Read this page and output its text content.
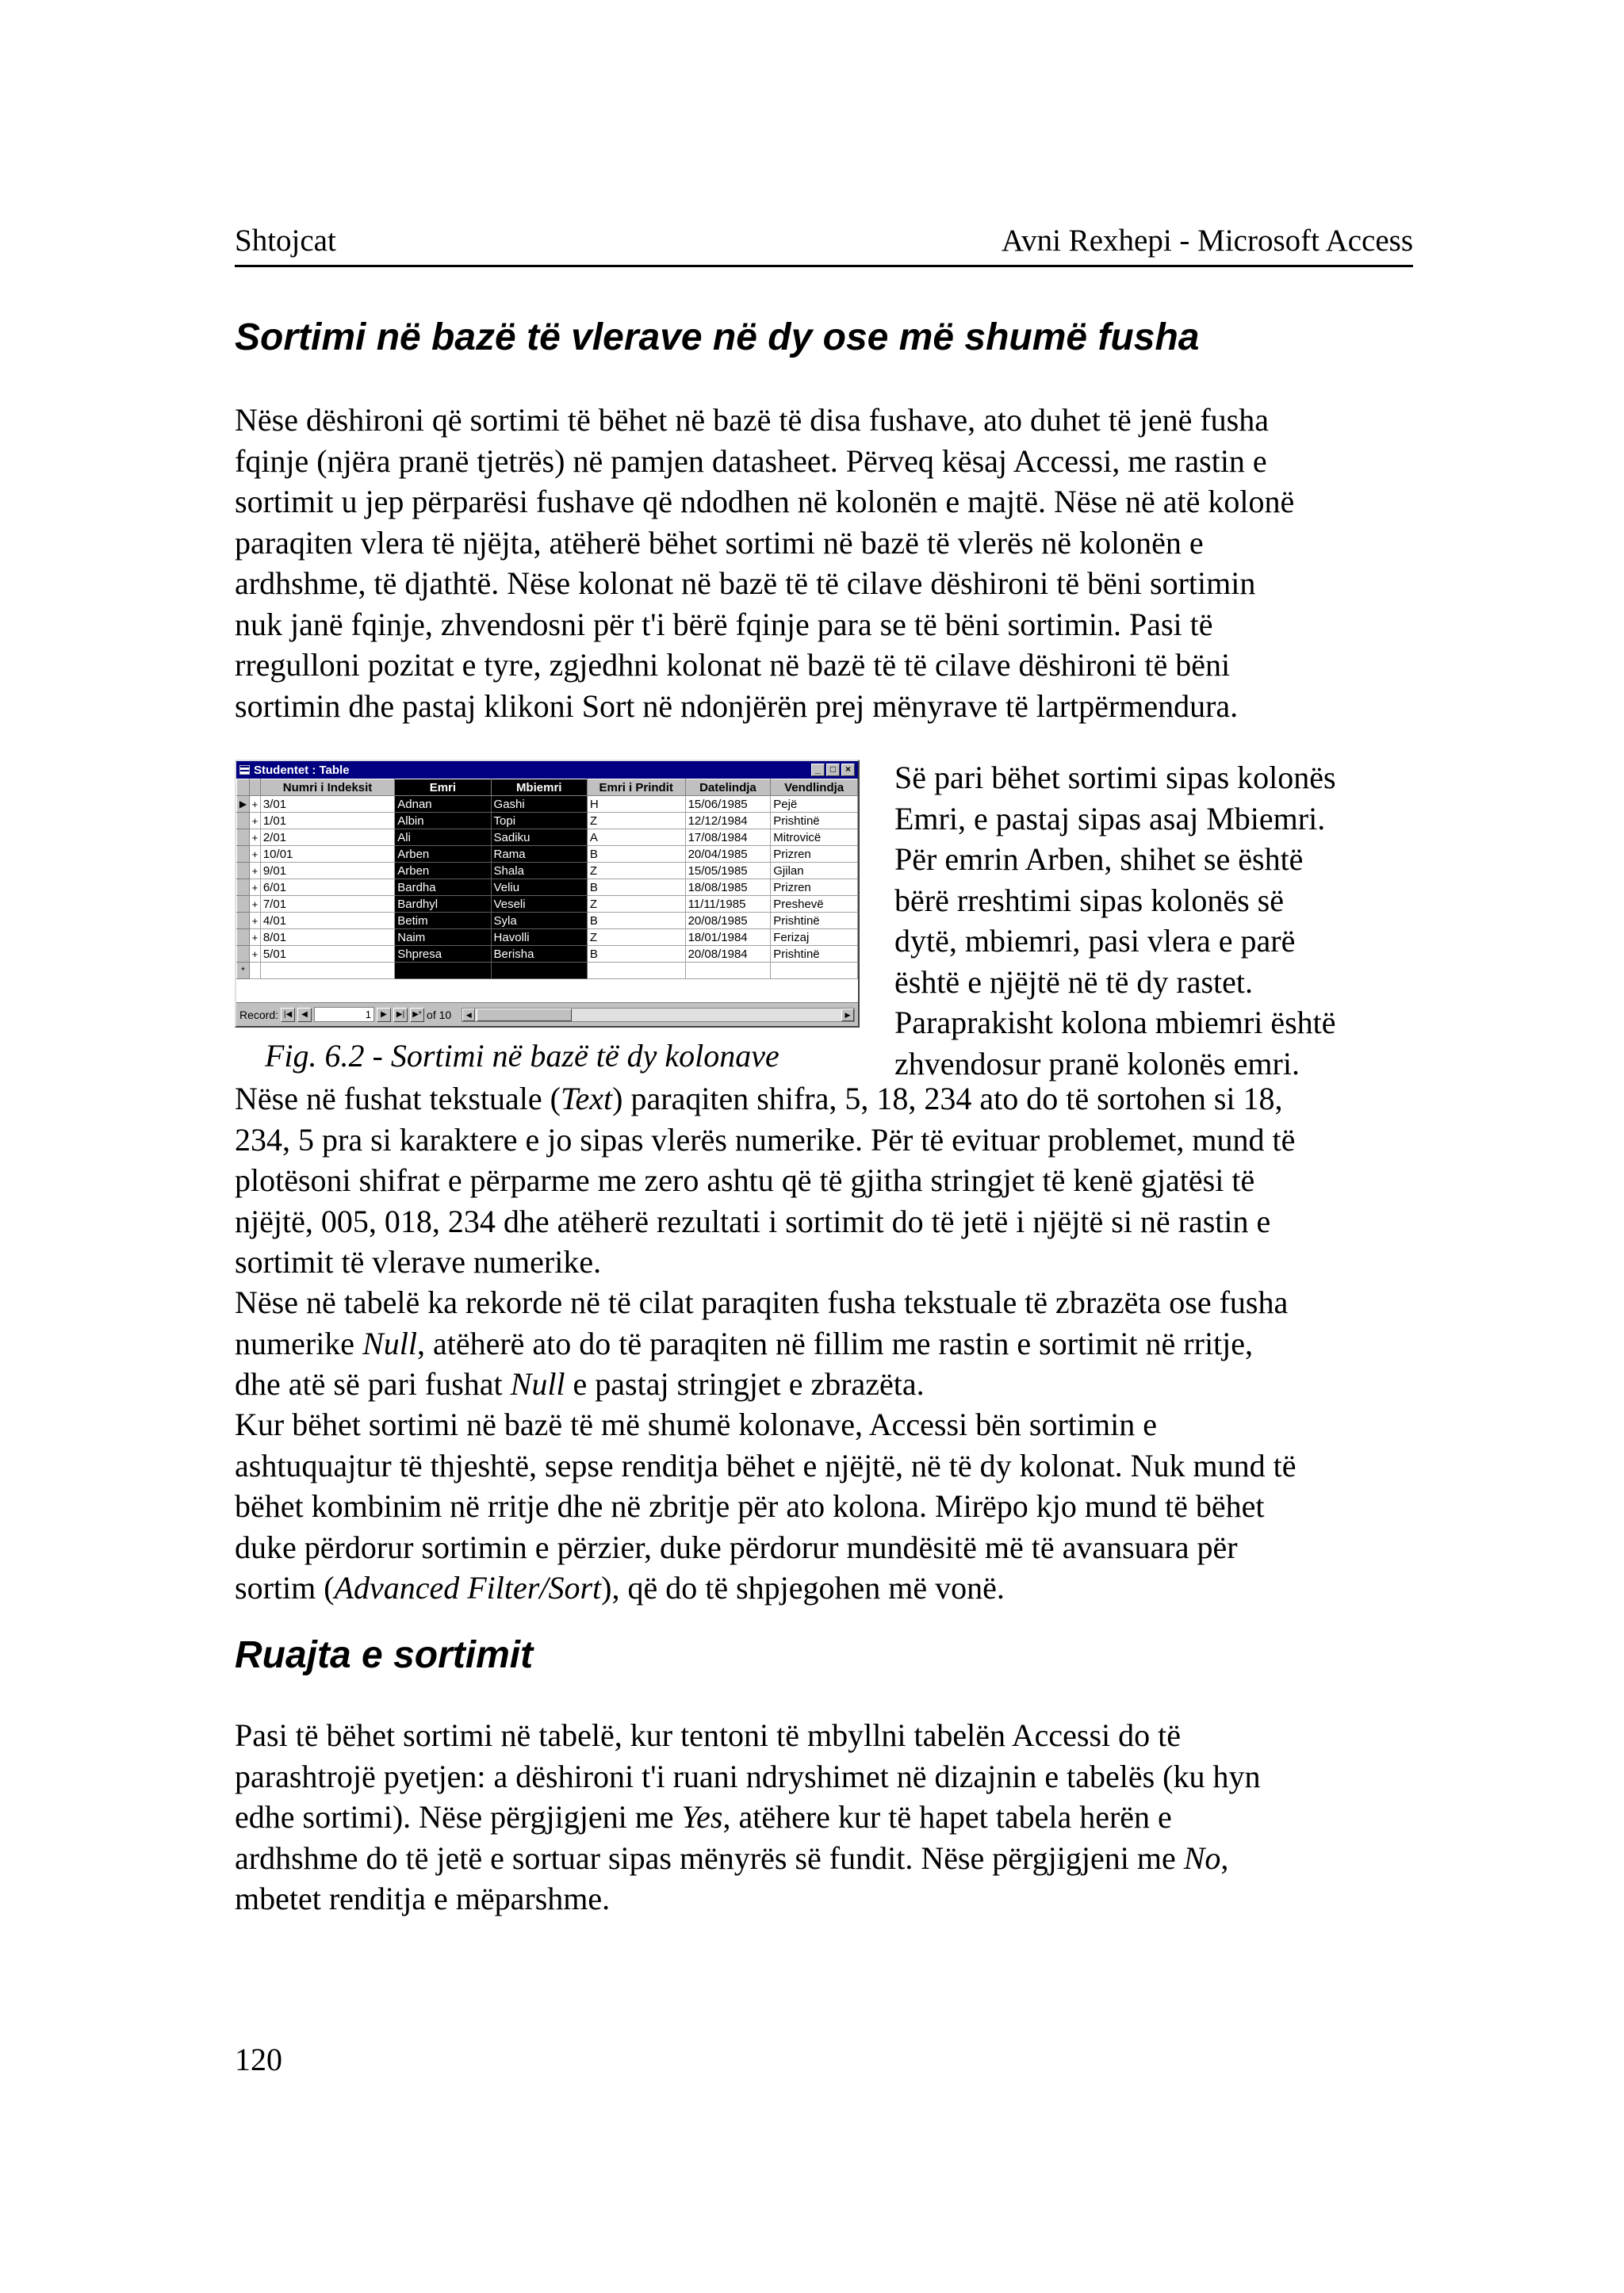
Shtojcat	Avni Rexhepi - Microsoft Access
Sortimi në bazë të vlerave në dy ose më shumë fusha

Nëse dëshironi që sortimi të bëhet në bazë të disa fushave, ato duhet të jenë fusha
fqinje (njëra pranë tjetrës) në pamjen datasheet. Përveq kësaj Accessi, me rastin e
sortimit u jep përparësi fushave që ndodhen në kolonën e majtë. Nëse në atë kolonë
paraqiten vlera të njëjta, atëherë bëhet sortimi në bazë të vlerës në kolonën e
ardhshme, të djathtë. Nëse kolonat në bazë të të cilave dëshironi të bëni sortimin
nuk janë fqinje, zhvendosni për t'i bërë fqinje para se të bëni sortimin. Pasi të
rregulloni pozitat e tyre, zgjedhni kolonat në bazë të të cilave dëshironi të bëni
sortimin dhe pastaj klikoni Sort në ndonjërën prej mënyrave të lartpërmendura.

Studentet : Table	_	□ ×
		Numri i Indeksit	Emri	Mbiemri	Emri i Prindit	Datelindja	Vendlindja
▶	+	3/01	Adnan	Gashi	H	15/06/1985	Pejë
	+	1/01	Albin	Topi	Z	12/12/1984	Prishtinë
	+	2/01	Ali	Sadiku	A	17/08/1984	Mitrovicë
	+	10/01	Arben	Rama	B	20/04/1985	Prizren
	+	9/01	Arben	Shala	Z	15/05/1985	Gjilan
	+	6/01	Bardha	Veliu	B	18/08/1985	Prizren
	+	7/01	Bardhyl	Veseli	Z	11/11/1985	Preshevë
	+	4/01	Betim	Syla	B	20/08/1985	Prishtinë
	+	8/01	Naim	Havolli	Z	18/01/1984	Ferizaj
	+	5/01	Shpresa	Berisha	B	20/08/1984	Prishtinë
*							
Record: |◀	◀	1	▶	▶|	▶* of 10	◀	▶

Së pari bëhet sortimi sipas kolonës
Emri, e pastaj sipas asaj Mbiemri.
Për emrin Arben, shihet se është
bërë rreshtimi sipas kolonës së
dytë, mbiemri, pasi vlera e parë
është e njëjtë në të dy rastet.
Paraprakisht kolona mbiemri është
zhvendosur pranë kolonës emri.

Fig. 6.2 - Sortimi në bazë të dy kolonave

Nëse në fushat tekstuale (Text) paraqiten shifra, 5, 18, 234 ato do të sortohen si 18,
234, 5 pra si karaktere e jo sipas vlerës numerike. Për të evituar problemet, mund të
plotësoni shifrat e përparme me zero ashtu që të gjitha stringjet të kenë gjatësi të
njëjtë, 005, 018, 234 dhe atëherë rezultati i sortimit do të jetë i njëjtë si në rastin e
sortimit të vlerave numerike.

Nëse në tabelë ka rekorde në të cilat paraqiten fusha tekstuale të zbrazëta ose fusha
numerike Null, atëherë ato do të paraqiten në fillim me rastin e sortimit në rritje,
dhe atë së pari fushat Null e pastaj stringjet e zbrazëta.

Kur bëhet sortimi në bazë të më shumë kolonave, Accessi bën sortimin e
ashtuquajtur të thjeshtë, sepse renditja bëhet e njëjtë, në të dy kolonat. Nuk mund të
bëhet kombinim në rritje dhe në zbritje për ato kolona. Mirëpo kjo mund të bëhet
duke përdorur sortimin e përzier, duke përdorur mundësitë më të avansuara për
sortim (Advanced Filter/Sort), që do të shpjegohen më vonë.

Ruajta e sortimit

Pasi të bëhet sortimi në tabelë, kur tentoni të mbyllni tabelën Accessi do të
parashtrojë pyetjen: a dëshironi t'i ruani ndryshimet në dizajnin e tabelës (ku hyn
edhe sortimi). Nëse përgjigjeni me Yes, atëhere kur të hapet tabela herën e
ardhshme do të jetë e sortuar sipas mënyrës së fundit. Nëse përgjigjeni me No,
mbetet renditja e mëparshme.

120
